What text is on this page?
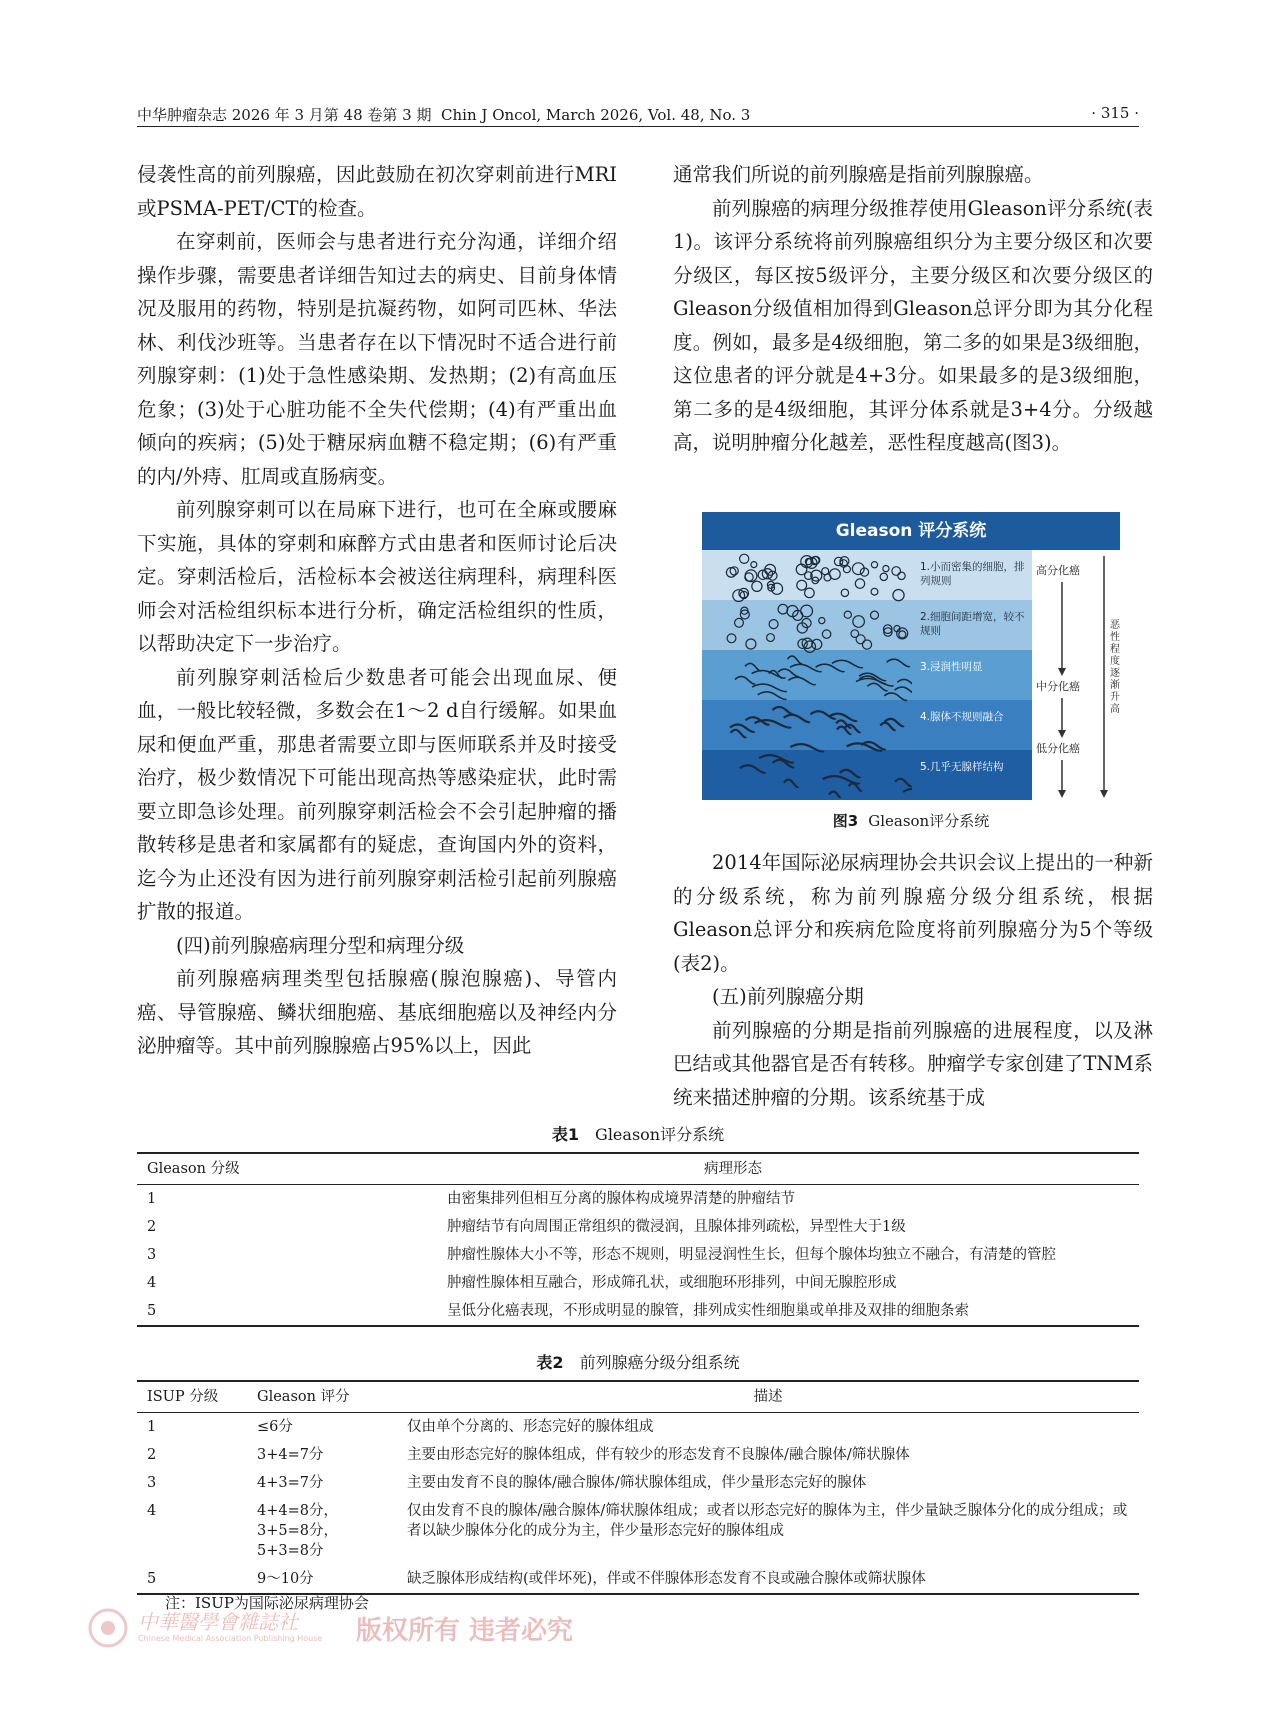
中华肿瘤杂志 2026 年 3 月第 48 卷第 3 期 Chin J Oncol, March 2026, Vol. 48, No. 3	· 315 ·

侵袭性高的前列腺癌，因此鼓励在初次穿刺前进行MRI或PSMA-PET/CT的检查。

在穿刺前，医师会与患者进行充分沟通，详细介绍操作步骤，需要患者详细告知过去的病史、目前身体情况及服用的药物，特别是抗凝药物，如阿司匹林、华法林、利伐沙班等。当患者存在以下情况时不适合进行前列腺穿刺：(1)处于急性感染期、发热期；(2)有高血压危象；(3)处于心脏功能不全失代偿期；(4)有严重出血倾向的疾病；(5)处于糖尿病血糖不稳定期；(6)有严重的内/外痔、肛周或直肠病变。

前列腺穿刺可以在局麻下进行，也可在全麻或腰麻下实施，具体的穿刺和麻醉方式由患者和医师讨论后决定。穿刺活检后，活检标本会被送往病理科，病理科医师会对活检组织标本进行分析，确定活检组织的性质，以帮助决定下一步治疗。

前列腺穿刺活检后少数患者可能会出现血尿、便血，一般比较轻微，多数会在1～2 d自行缓解。如果血尿和便血严重，那患者需要立即与医师联系并及时接受治疗，极少数情况下可能出现高热等感染症状，此时需要立即急诊处理。前列腺穿刺活检会不会引起肿瘤的播散转移是患者和家属都有的疑虑，查询国内外的资料，迄今为止还没有因为进行前列腺穿刺活检引起前列腺癌扩散的报道。

(四)前列腺癌病理分型和病理分级

前列腺癌病理类型包括腺癌(腺泡腺癌)、导管内癌、导管腺癌、鳞状细胞癌、基底细胞癌以及神经内分泌肿瘤等。其中前列腺腺癌占95%以上，因此

通常我们所说的前列腺癌是指前列腺腺癌。

前列腺癌的病理分级推荐使用Gleason评分系统(表1)。该评分系统将前列腺癌组织分为主要分级区和次要分级区，每区按5级评分，主要分级区和次要分级区的Gleason分级值相加得到Gleason总评分即为其分化程度。例如，最多是4级细胞，第二多的如果是3级细胞，这位患者的评分就是4+3分。如果最多的是3级细胞，第二多的是4级细胞，其评分体系就是3+4分。分级越高，说明肿瘤分化越差，恶性程度越高(图3)。

Gleason 评分系统
1.小而密集的细胞，排列规则
2.细胞间距增宽，较不规则
3.浸润性明显
4.腺体不规则融合
5.几乎无腺样结构
高分化癌
中分化癌
低分化癌
恶性程度逐渐升高
图3 Gleason评分系统

2014年国际泌尿病理协会共识会议上提出的一种新的分级系统，称为前列腺癌分级分组系统，根据Gleason总评分和疾病危险度将前列腺癌分为5个等级(表2)。

(五)前列腺癌分期

前列腺癌的分期是指前列腺癌的进展程度，以及淋巴结或其他器官是否有转移。肿瘤学专家创建了TNM系统来描述肿瘤的分期。该系统基于成

表1 Gleason评分系统
Gleason 分级	病理形态
1	由密集排列但相互分离的腺体构成境界清楚的肿瘤结节
2	肿瘤结节有向周围正常组织的微浸润，且腺体排列疏松，异型性大于1级
3	肿瘤性腺体大小不等，形态不规则，明显浸润性生长，但每个腺体均独立不融合，有清楚的管腔
4	肿瘤性腺体相互融合，形成筛孔状，或细胞环形排列，中间无腺腔形成
5	呈低分化癌表现，不形成明显的腺管，排列成实性细胞巢或单排及双排的细胞条索
表2 前列腺癌分级分组系统
ISUP 分级	Gleason 评分	描述
1	≤6分	仅由单个分离的、形态完好的腺体组成
2	3+4=7分	主要由形态完好的腺体组成，伴有较少的形态发育不良腺体/融合腺体/筛状腺体
3	4+3=7分	主要由发育不良的腺体/融合腺体/筛状腺体组成，伴少量形态完好的腺体
4	4+4=8分，3+5=8分，5+3=8分	仅由发育不良的腺体/融合腺体/筛状腺体组成；或者以形态完好的腺体为主，伴少量缺乏腺体分化的成分组成；或者以缺少腺体分化的成分为主，伴少量形态完好的腺体组成
5	9～10分	缺乏腺体形成结构(或伴坏死)，伴或不伴腺体形态发育不良或融合腺体或筛状腺体
注：ISUP为国际泌尿病理协会
中華醫學會雜誌社
Chinese Medical Association Publishing House 版权所有 违者必究
